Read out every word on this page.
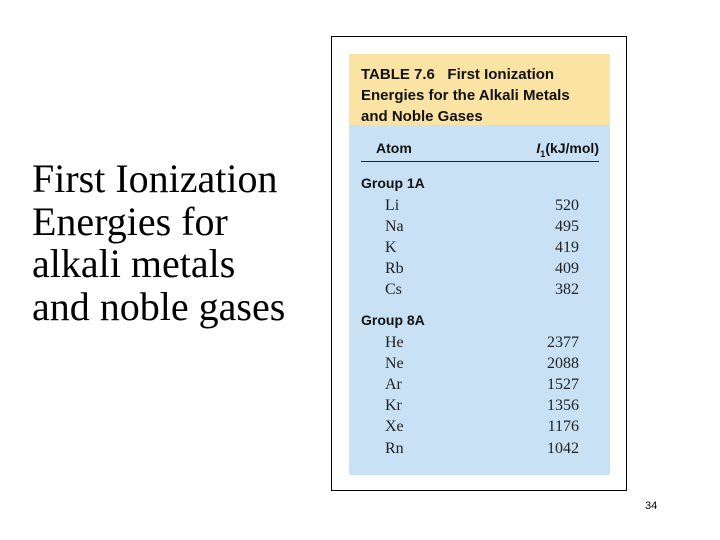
First Ionization
Energies for
alkali metals
and noble gases
TABLE 7.6   First Ionization
Energies for the Alkali Metals
and Noble Gases
Atom	$I_1(kJ/mol)$
Group 1A
Li	520
Na	495
K	419
Rb	409
Cs	382
Group 8A
He	2377
Ne	2088
Ar	1527
Kr	1356
Xe	1176
Rn	1042
34
